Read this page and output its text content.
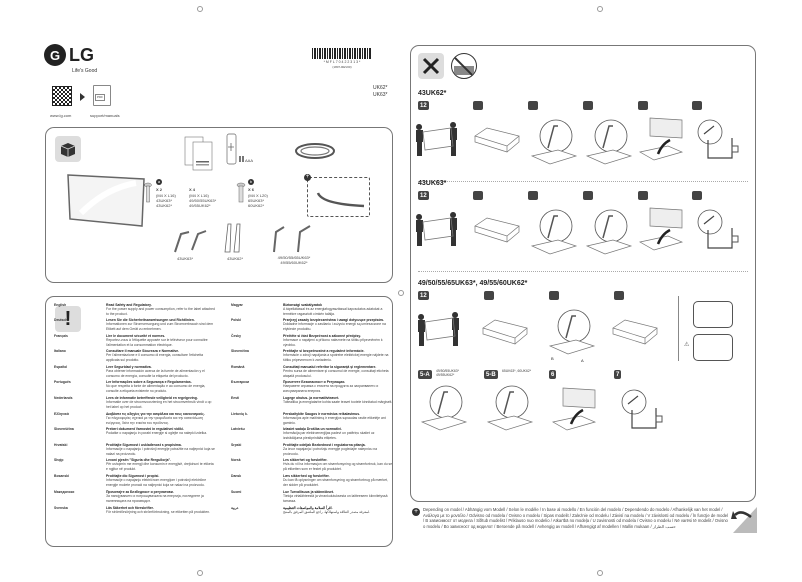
G LG
Life's Good
* M F L 7 0 4 2 2 3 1 3 *
(1807-REV00)
UK62*
UK63*
www.lg.com
PDF
support/manuals
AAA
a
X 2
(M4 X L16)
43UK63*
43UK62*
X 4
(M4 X L16)
49/50/55UK63*
49/55UK62*
b
X 6
(M4 X L20)
65UK63*
60UK62*
+
43UK63*	43UK62*	49/50/55/65UK63*
49/55/60UK62*
!
English	Read Safety and Regulatory.
For the power supply and power consumption, refer to the label attached to the product.
Deutsch	Lesen Sie die Sicherheitsanweisungen und Richtlinien.
Informationen zur Stromversorgung und zum Stromverbrauch sind dem Etikett auf dem Gerät zu entnehmen.
Français	Lire le document sécurité et normes.
Reportez-vous à l'étiquette apposée sur le téléviseur pour connaître l'alimentation et la consommation électrique.
Italiano	Consultare il manuale Sicurezza e Normative.
Per l'alimentazione e il consumo di energia, consultare l'etichetta applicata sul prodotto.
Español	Leer Seguridad y normativa.
Para obtener información acerca de la fuente de alimentación y el consumo de energía, consulte la etiqueta del producto.
Português	Ler Informações sobre a Segurança e Regulamentos.
No que respeita à fonte de alimentação e ao consumo de energia, consulte a etiqueta existente no produto.
Nederlands	Lees de informatie betreffende veiligheid en regelgeving.
Informatie over de stroomvoorziening en het stroomverbruik vindt u op het label op het product.
Ελληνικά	Διαβάστε τις οδηγίες για την ασφάλεια και τους κανονισμούς.
Για πληροφορίες σχετικά με την τροφοδοσία και την κατανάλωση ενέργειας, δείτε την ετικέτα του προϊόντος.
Slovenščina	Preberi dokument Varnostni in regulativni vidiki.
Podatke o napajanju in porabi energije si oglejte na nalepki izdelka.
Hrvatski	Pročitajte Sigurnost i usklađenost s propisima.
Informacije o napajanju i potrošnji energije potražite na naljepnici koja se nalazi na proizvodu.
Shqip	Lexoni pjesën "Siguria dhe Rregullorja".
Për ushqimin me energji dhe konsumin e energjisë, drejtohuni te etiketa e ngjitur në produkt.
Bosanski	Pročitajte dio Sigurnost i propisi.
Informacije o napajanju električnom energijom i potrošnji električne energije možete pronaći na naljepnici koja se nalazi na proizvodu.
Македонски	Прочитајте за Безбедност и регулативи.
За напојувањето и потрошувачката на енергија, погледнете ја налепницата на производот.
Svenska	Läs Säkerhet och föreskrifter.
För strömförsörjning och strömförbrukning, se etiketten på produkten.
Magyar	Biztonsági szabályzatok
A tápellátással és az energiafogyasztással kapcsolatos adatokat a termékre ragasztott címkén találja.
Polski	Przejrzyj zasady bezpieczeństwa i uwagi dotyczące przepisów.
Dokładne informacje o zasilaniu i zużyciu energii są umieszczone na etykiecie produktu.
Česky	Přečtěte si část Bezpečnost a zákonné předpisy.
Informace o napájení a příkonu naleznete na štítku připevněném k výrobku.
Slovenčina	Prečítajte si bezpečnostné a regulačné informácie.
Informácie o zdroji napájania a spotrebe elektrickej energie nájdete na štítku pripevnenom k zariadeniu.
Română	Consultaţi manualul referitor la siguranţă şi reglementare.
Pentru sursa de alimentare şi consumul de energie, consultaţi eticheta ataşată produsului.
Български	Прочетете Безопасност и Регулации.
Направете справка с етикета на продукта за захранването и консумираната енергия.
Eesti	Lugege ohutus- ja normatiivteavet.
Toiteallika ja energiatarbe kohta saate teavet tootele kinnitatud märgiselt.
Lietuvių k.	Perskaitykite Saugos ir norminius reikalavimus.
Informacijos apie maitinimą ir energijos sąnaudas rasite etiketėje ant gaminio.
Latviešu	Izlasiet sadaļu Drošība un normatīvi.
Informācija par elektroenerģijas padevi un patēriņu skatiet uz izstrādājuma piestiprinātās etiķetes.
Srpski	Pročitajte odeljak Bezbednost i regulatorna pitanja.
Za izvor napajanja i potrošnju energije pogledajte nalepnicu na proizvodu.
Norsk	Les sikkerhet og forskrifter.
Hvis du vil ha informasjon om strømforsyning og strømforbruk, kan du se på etiketten som er festet på produktet.
Dansk	Læs sikkerhed og forskrifter.
Du kan få oplysninger om strømforsyning og strømforbrug på mærket, der sidder på produktet.
Suomi	Lue Turvallisuus ja säännökset.
Tietoja virtalähteestä ja virrankulutuksesta on laitteeseen kiinnitetyssä tarrassa.
عربية	اقرأ السلامة والمواصفات التنظيمية.
لمعرفة مصدر الطاقة واستهلاكها، راجع الملصق المرفق بالمنتج.
43UK62*
12
43UK63*
12
49/50/55/65UK63*, 49/55/60UK62*
12
B	A
⚠
5-A
49/50/55UK63*
49/55UK62*	5-B
65UK63*, 60UK62*
6	7
+	Depending on model / Abhängig vom Modell / Selon le modèle / In base al modello / En función del modelo / Dependendo do modelo / Afhankelijk van het model / Ανάλογα με το μοντέλο / Odvisno od modela / Ovisno o modelu / Sipas modelit / Zależnie od modelu / Závisí na modelu / V závislosti od modelu / În funcţie de model / В зависимост от модела / Sõltub mudelist / Priklauso nuo modelio / Atkarībā no modeļa / U zavisnosti od modela / Ovisno o modelu / Në varësi të modelit / Ovisno o modelu / Во зависност од моделот / Beroende på modell / Avhengig av modell / Afhængigt af modellen / Mallin mukaan / حسب الطراز
